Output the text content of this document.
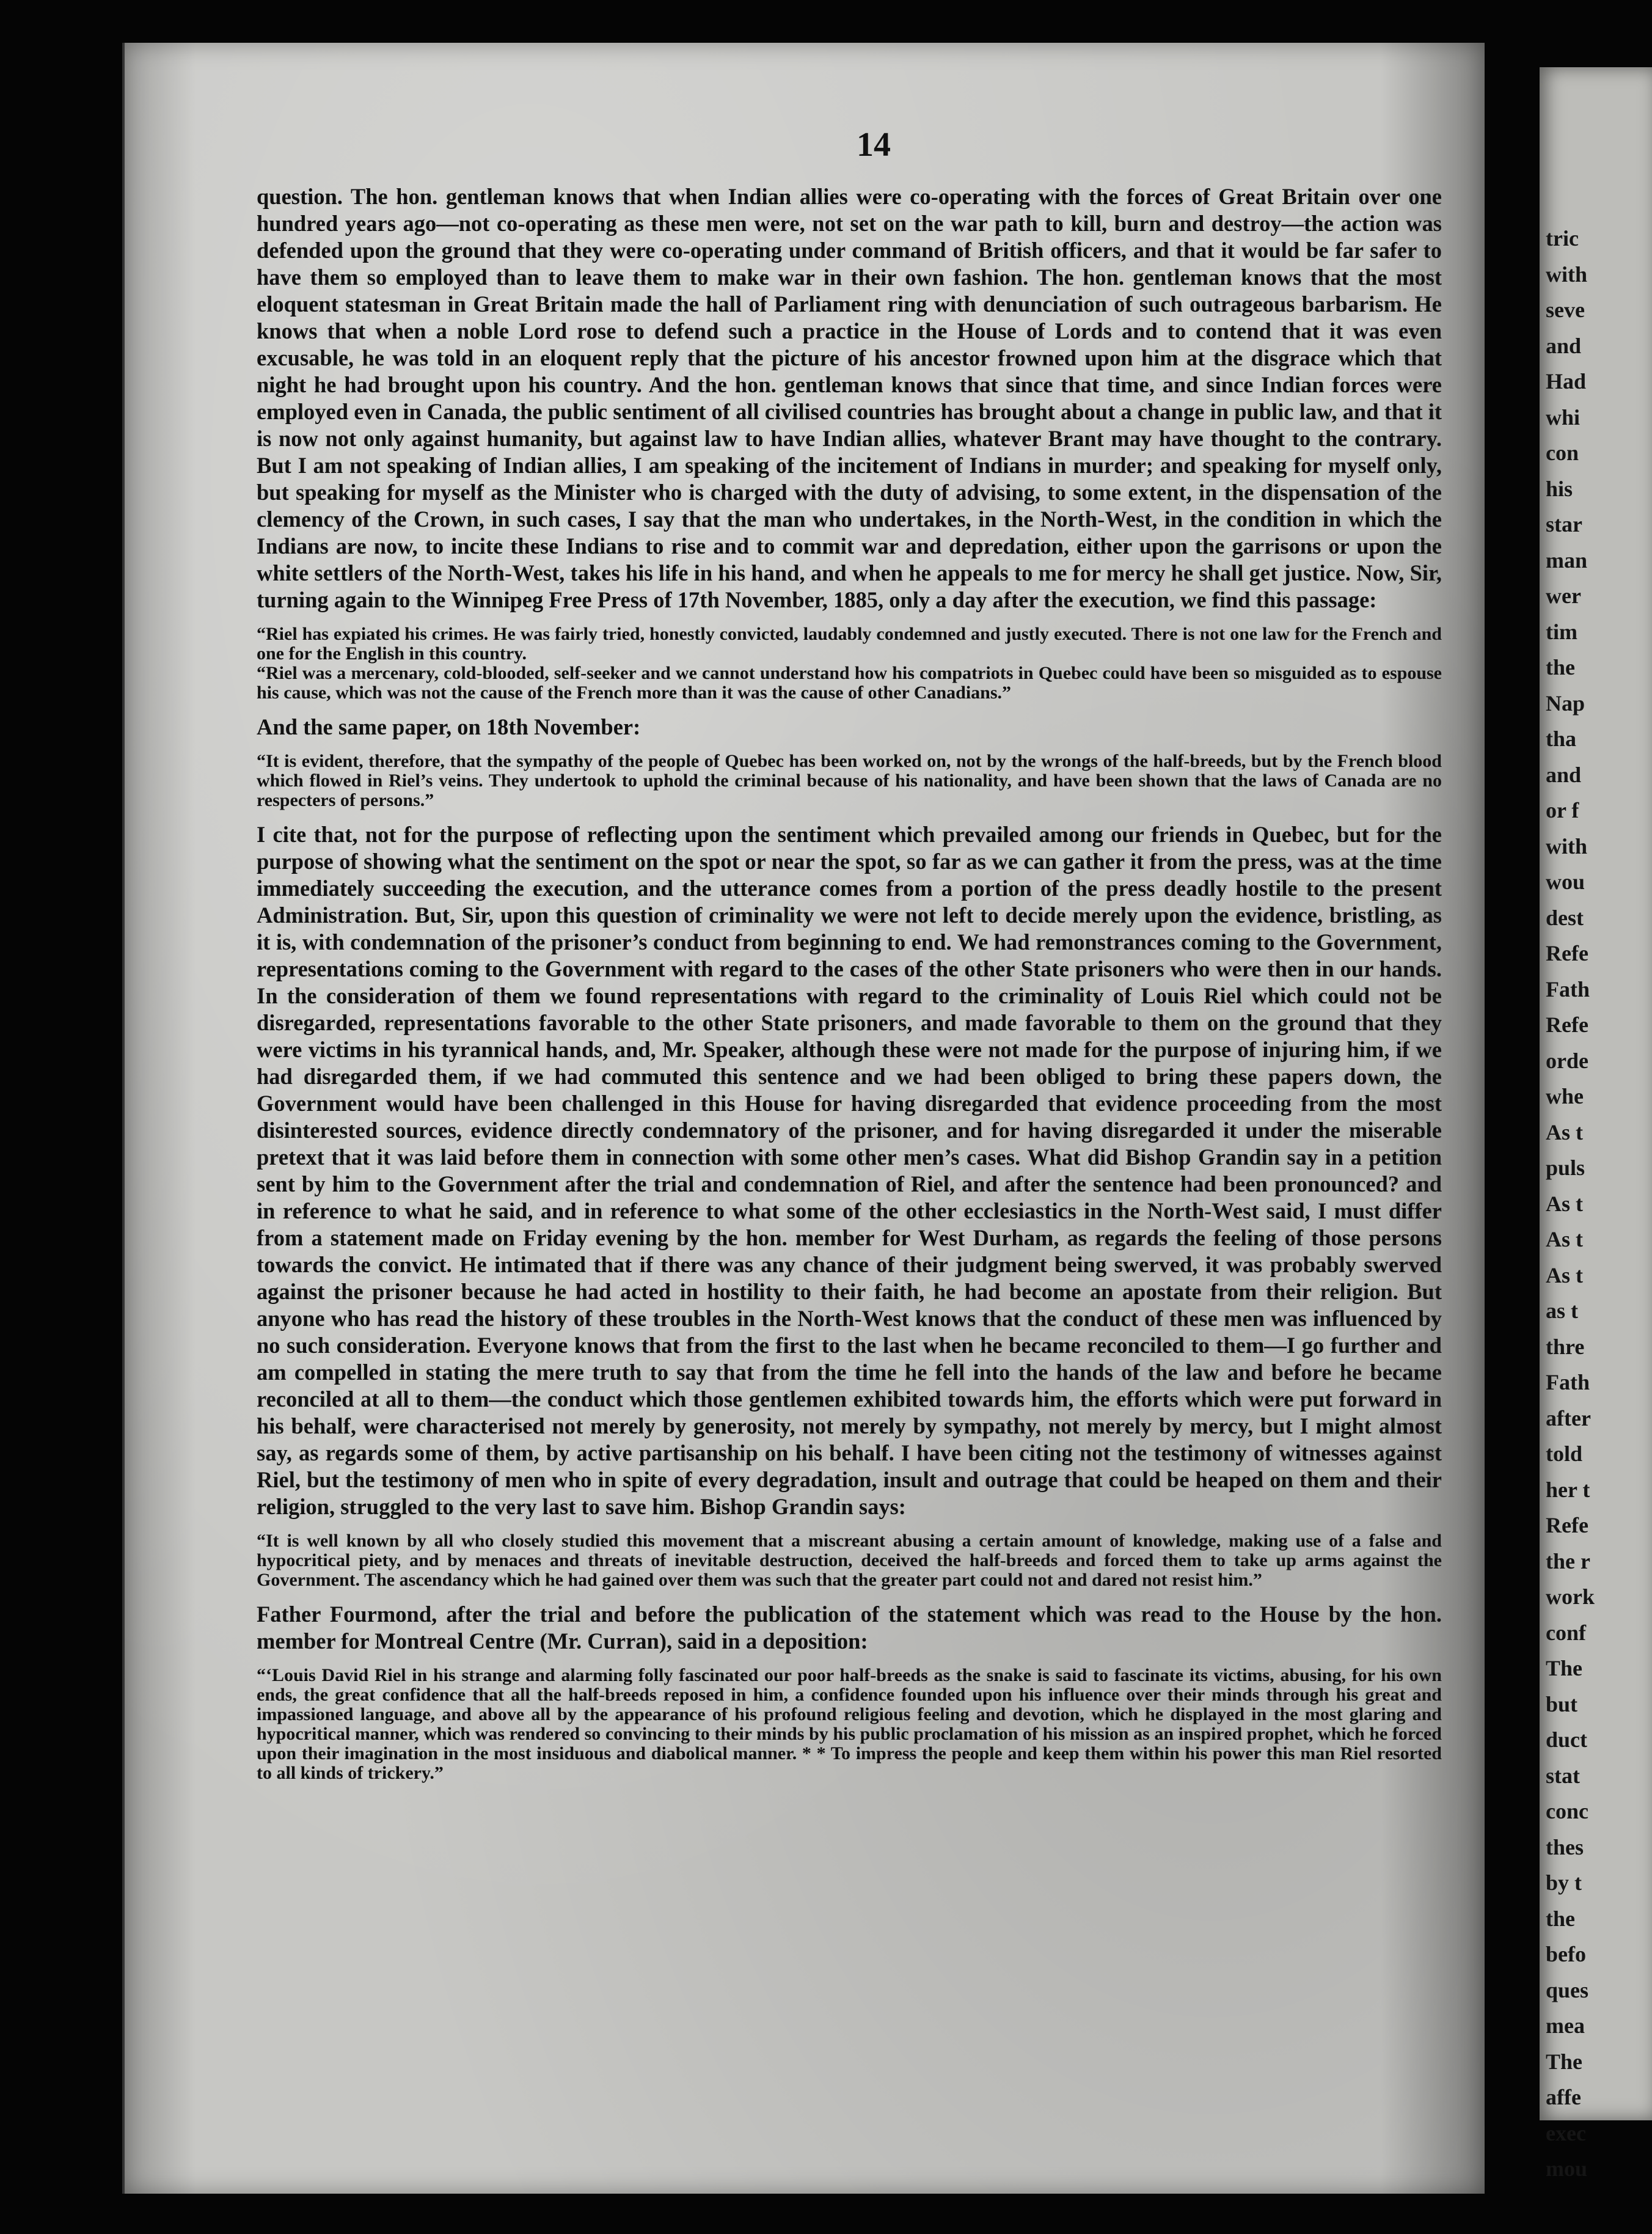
tric
with
seve
and
Had
whi
con
his
star
man
wer
tim
the
Nap
tha
and
or f
with
wou
dest
Refe
Fath
Refe
orde
whe
As t
puls
As t
As t
As t
as t
thre
Fath
after
told
her t
Refe
the r
work
conf
The
but
duct
stat
conc
thes
by t
the
befo
ques
mea
The
affe
exec
mou
14

question. The hon. gentleman knows that when Indian allies were co-operating with the forces of Great Britain over one hundred years ago—not co-operating as these men were, not set on the war path to kill, burn and destroy—the action was defended upon the ground that they were co-operating under command of British officers, and that it would be far safer to have them so employed than to leave them to make war in their own fashion. The hon. gentleman knows that the most eloquent statesman in Great Britain made the hall of Parliament ring with denunciation of such outrageous barbarism. He knows that when a noble Lord rose to defend such a practice in the House of Lords and to contend that it was even excusable, he was told in an eloquent reply that the picture of his ancestor frowned upon him at the disgrace which that night he had brought upon his country. And the hon. gentleman knows that since that time, and since Indian forces were employed even in Canada, the public sentiment of all civilised countries has brought about a change in public law, and that it is now not only against humanity, but against law to have Indian allies, whatever Brant may have thought to the contrary. But I am not speaking of Indian allies, I am speaking of the incitement of Indians in murder; and speaking for myself only, but speaking for myself as the Minister who is charged with the duty of advising, to some extent, in the dispensation of the clemency of the Crown, in such cases, I say that the man who undertakes, in the North-West, in the condition in which the Indians are now, to incite these Indians to rise and to commit war and depredation, either upon the garrisons or upon the white settlers of the North-West, takes his life in his hand, and when he appeals to me for mercy he shall get justice. Now, Sir, turning again to the Winnipeg Free Press of 17th November, 1885, only a day after the execution, we find this passage:

“Riel has expiated his crimes. He was fairly tried, honestly convicted, laudably condemned and justly executed. There is not one law for the French and one for the English in this country.

“Riel was a mercenary, cold-blooded, self-seeker and we cannot understand how his compatriots in Quebec could have been so misguided as to espouse his cause, which was not the cause of the French more than it was the cause of other Canadians.”

And the same paper, on 18th November:

“It is evident, therefore, that the sympathy of the people of Quebec has been worked on, not by the wrongs of the half-breeds, but by the French blood which flowed in Riel’s veins. They undertook to uphold the criminal because of his nationality, and have been shown that the laws of Canada are no respecters of persons.”

I cite that, not for the purpose of reflecting upon the sentiment which prevailed among our friends in Quebec, but for the purpose of showing what the sentiment on the spot or near the spot, so far as we can gather it from the press, was at the time immediately succeeding the execution, and the utterance comes from a portion of the press deadly hostile to the present Administration. But, Sir, upon this question of criminality we were not left to decide merely upon the evidence, bristling, as it is, with condemnation of the prisoner’s conduct from beginning to end. We had remonstrances coming to the Government, representations coming to the Government with regard to the cases of the other State prisoners who were then in our hands. In the consideration of them we found representations with regard to the criminality of Louis Riel which could not be disregarded, representations favorable to the other State prisoners, and made favorable to them on the ground that they were victims in his tyrannical hands, and, Mr. Speaker, although these were not made for the purpose of injuring him, if we had disregarded them, if we had commuted this sentence and we had been obliged to bring these papers down, the Government would have been challenged in this House for having disregarded that evidence proceeding from the most disinterested sources, evidence directly condemnatory of the prisoner, and for having disregarded it under the miserable pretext that it was laid before them in connection with some other men’s cases. What did Bishop Grandin say in a petition sent by him to the Government after the trial and condemnation of Riel, and after the sentence had been pronounced? and in reference to what he said, and in reference to what some of the other ecclesiastics in the North-West said, I must differ from a statement made on Friday evening by the hon. member for West Durham, as regards the feeling of those persons towards the convict. He intimated that if there was any chance of their judgment being swerved, it was probably swerved against the prisoner because he had acted in hostility to their faith, he had become an apostate from their religion. But anyone who has read the history of these troubles in the North-West knows that the conduct of these men was influenced by no such consideration. Everyone knows that from the first to the last when he became reconciled to them—I go further and am compelled in stating the mere truth to say that from the time he fell into the hands of the law and before he became reconciled at all to them—the conduct which those gentlemen exhibited towards him, the efforts which were put forward in his behalf, were characterised not merely by generosity, not merely by sympathy, not merely by mercy, but I might almost say, as regards some of them, by active partisanship on his behalf. I have been citing not the testimony of witnesses against Riel, but the testimony of men who in spite of every degradation, insult and outrage that could be heaped on them and their religion, struggled to the very last to save him. Bishop Grandin says:

“It is well known by all who closely studied this movement that a miscreant abusing a certain amount of knowledge, making use of a false and hypocritical piety, and by menaces and threats of inevitable destruction, deceived the half-breeds and forced them to take up arms against the Government. The ascendancy which he had gained over them was such that the greater part could not and dared not resist him.”

Father Fourmond, after the trial and before the publication of the statement which was read to the House by the hon. member for Montreal Centre (Mr. Curran), said in a deposition:

“‘Louis David Riel in his strange and alarming folly fascinated our poor half-breeds as the snake is said to fascinate its victims, abusing, for his own ends, the great confidence that all the half-breeds reposed in him, a confidence founded upon his influence over their minds through his great and impassioned language, and above all by the appearance of his profound religious feeling and devotion, which he displayed in the most glaring and hypocritical manner, which was rendered so convincing to their minds by his public proclamation of his mission as an inspired prophet, which he forced upon their imagination in the most insiduous and diabolical manner. * * To impress the people and keep them within his power this man Riel resorted to all kinds of trickery.”
